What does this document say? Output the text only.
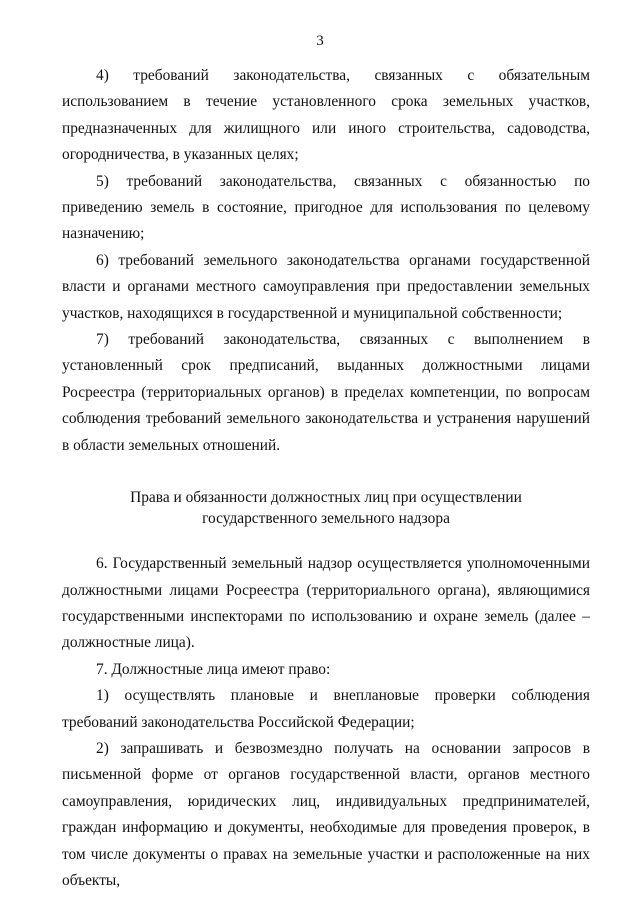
3

4) требований законодательства, связанных с обязательным использованием в течение установленного срока земельных участков, предназначенных для жилищного или иного строительства, садоводства, огородничества, в указанных целях;

5) требований законодательства, связанных с обязанностью по приведению земель в состояние, пригодное для использования по целевому назначению;

6) требований земельного законодательства органами государственной власти и органами местного самоуправления при предоставлении земельных участков, находящихся в государственной и муниципальной собственности;

7) требований законодательства, связанных с выполнением в установленный срок предписаний, выданных должностными лицами Росреестра (территориальных органов) в пределах компетенции, по вопросам соблюдения требований земельного законодательства и устранения нарушений в области земельных отношений.

Права и обязанности должностных лиц при осуществлении
государственного земельного надзора

6. Государственный земельный надзор осуществляется уполномоченными должностными лицами Росреестра (территориального органа), являющимися государственными инспекторами по использованию и охране земель (далее – должностные лица).

7. Должностные лица имеют право:

1) осуществлять плановые и внеплановые проверки соблюдения требований законодательства Российской Федерации;

2) запрашивать и безвозмездно получать на основании запросов в письменной форме от органов государственной власти, органов местного самоуправления, юридических лиц, индивидуальных предпринимателей, граждан информацию и документы, необходимые для проведения проверок, в том числе документы о правах на земельные участки и расположенные на них объекты,
